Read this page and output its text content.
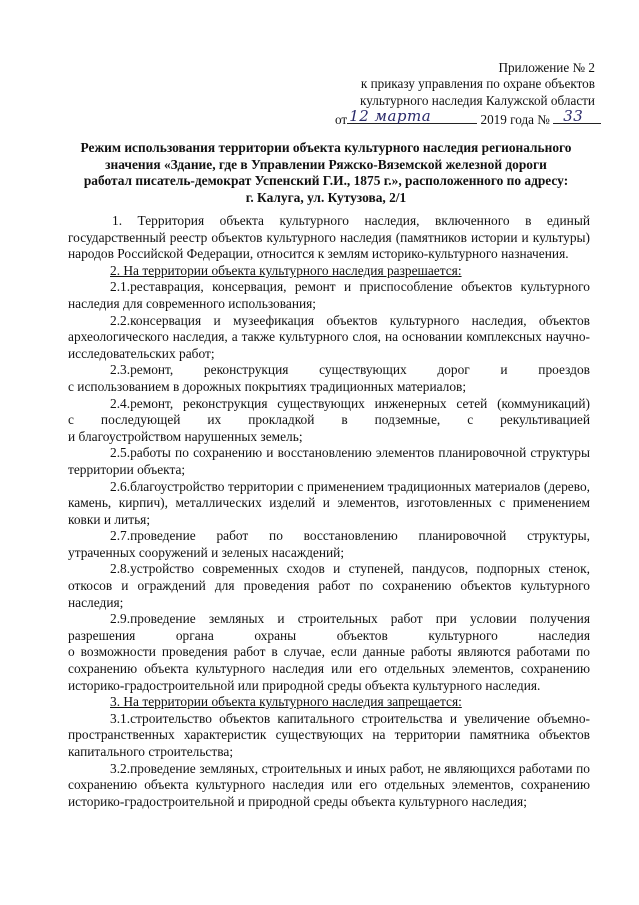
Приложение № 2
к приказу управления по охране объектов
культурного наследия Калужской области
от 12 марта	2019 года № 33
Режим использования территории объекта культурного наследия регионального
значения «Здание, где в Управлении Ряжско-Вяземской железной дороги
работал писатель-демократ Успенский Г.И., 1875 г.», расположенного по адресу:
г. Калуга, ул. Кутузова, 2/1

1. Территория объекта культурного наследия, включенного в единый государственный реестр объектов культурного наследия (памятников истории и культуры) народов Российской Федерации, относится к землям историко-культурного назначения.

2. На территории объекта культурного наследия разрешается:

2.1.реставрация, консервация, ремонт и приспособление объектов культурного наследия для современного использования;

2.2.консервация и музеефикация объектов культурного наследия, объектов археологического наследия, а также культурного слоя, на основании комплексных научно-исследовательских работ;

2.3.ремонт, реконструкция существующих дорог и проездов

с использованием в дорожных покрытиях традиционных материалов;

2.4.ремонт, реконструкция существующих инженерных сетей (коммуникаций)

с последующей их прокладкой в подземные, с рекультивацией

и благоустройством нарушенных земель;

2.5.работы по сохранению и восстановлению элементов планировочной структуры территории объекта;

2.6.благоустройство территории с применением традиционных материалов (дерево, камень, кирпич), металлических изделий и элементов, изготовленных с применением ковки и литья;

2.7.проведение работ по восстановлению планировочной структуры,

утраченных сооружений и зеленых насаждений;

2.8.устройство современных сходов и ступеней, пандусов, подпорных стенок, откосов и ограждений для проведения работ по сохранению объектов культурного наследия;

2.9.проведение земляных и строительных работ при условии получения

разрешения органа охраны объектов культурного наследия

о возможности проведения работ в случае, если данные работы являются работами по сохранению объекта культурного наследия или его отдельных элементов, сохранению историко-градостроительной или природной среды объекта культурного наследия.

3. На территории объекта культурного наследия запрещается:

3.1.строительство объектов капитального строительства и увеличение объемно-пространственных характеристик существующих на территории памятника объектов капитального строительства;

3.2.проведение земляных, строительных и иных работ, не являющихся работами по сохранению объекта культурного наследия или его отдельных элементов, сохранению историко-градостроительной и природной среды объекта культурного наследия;
